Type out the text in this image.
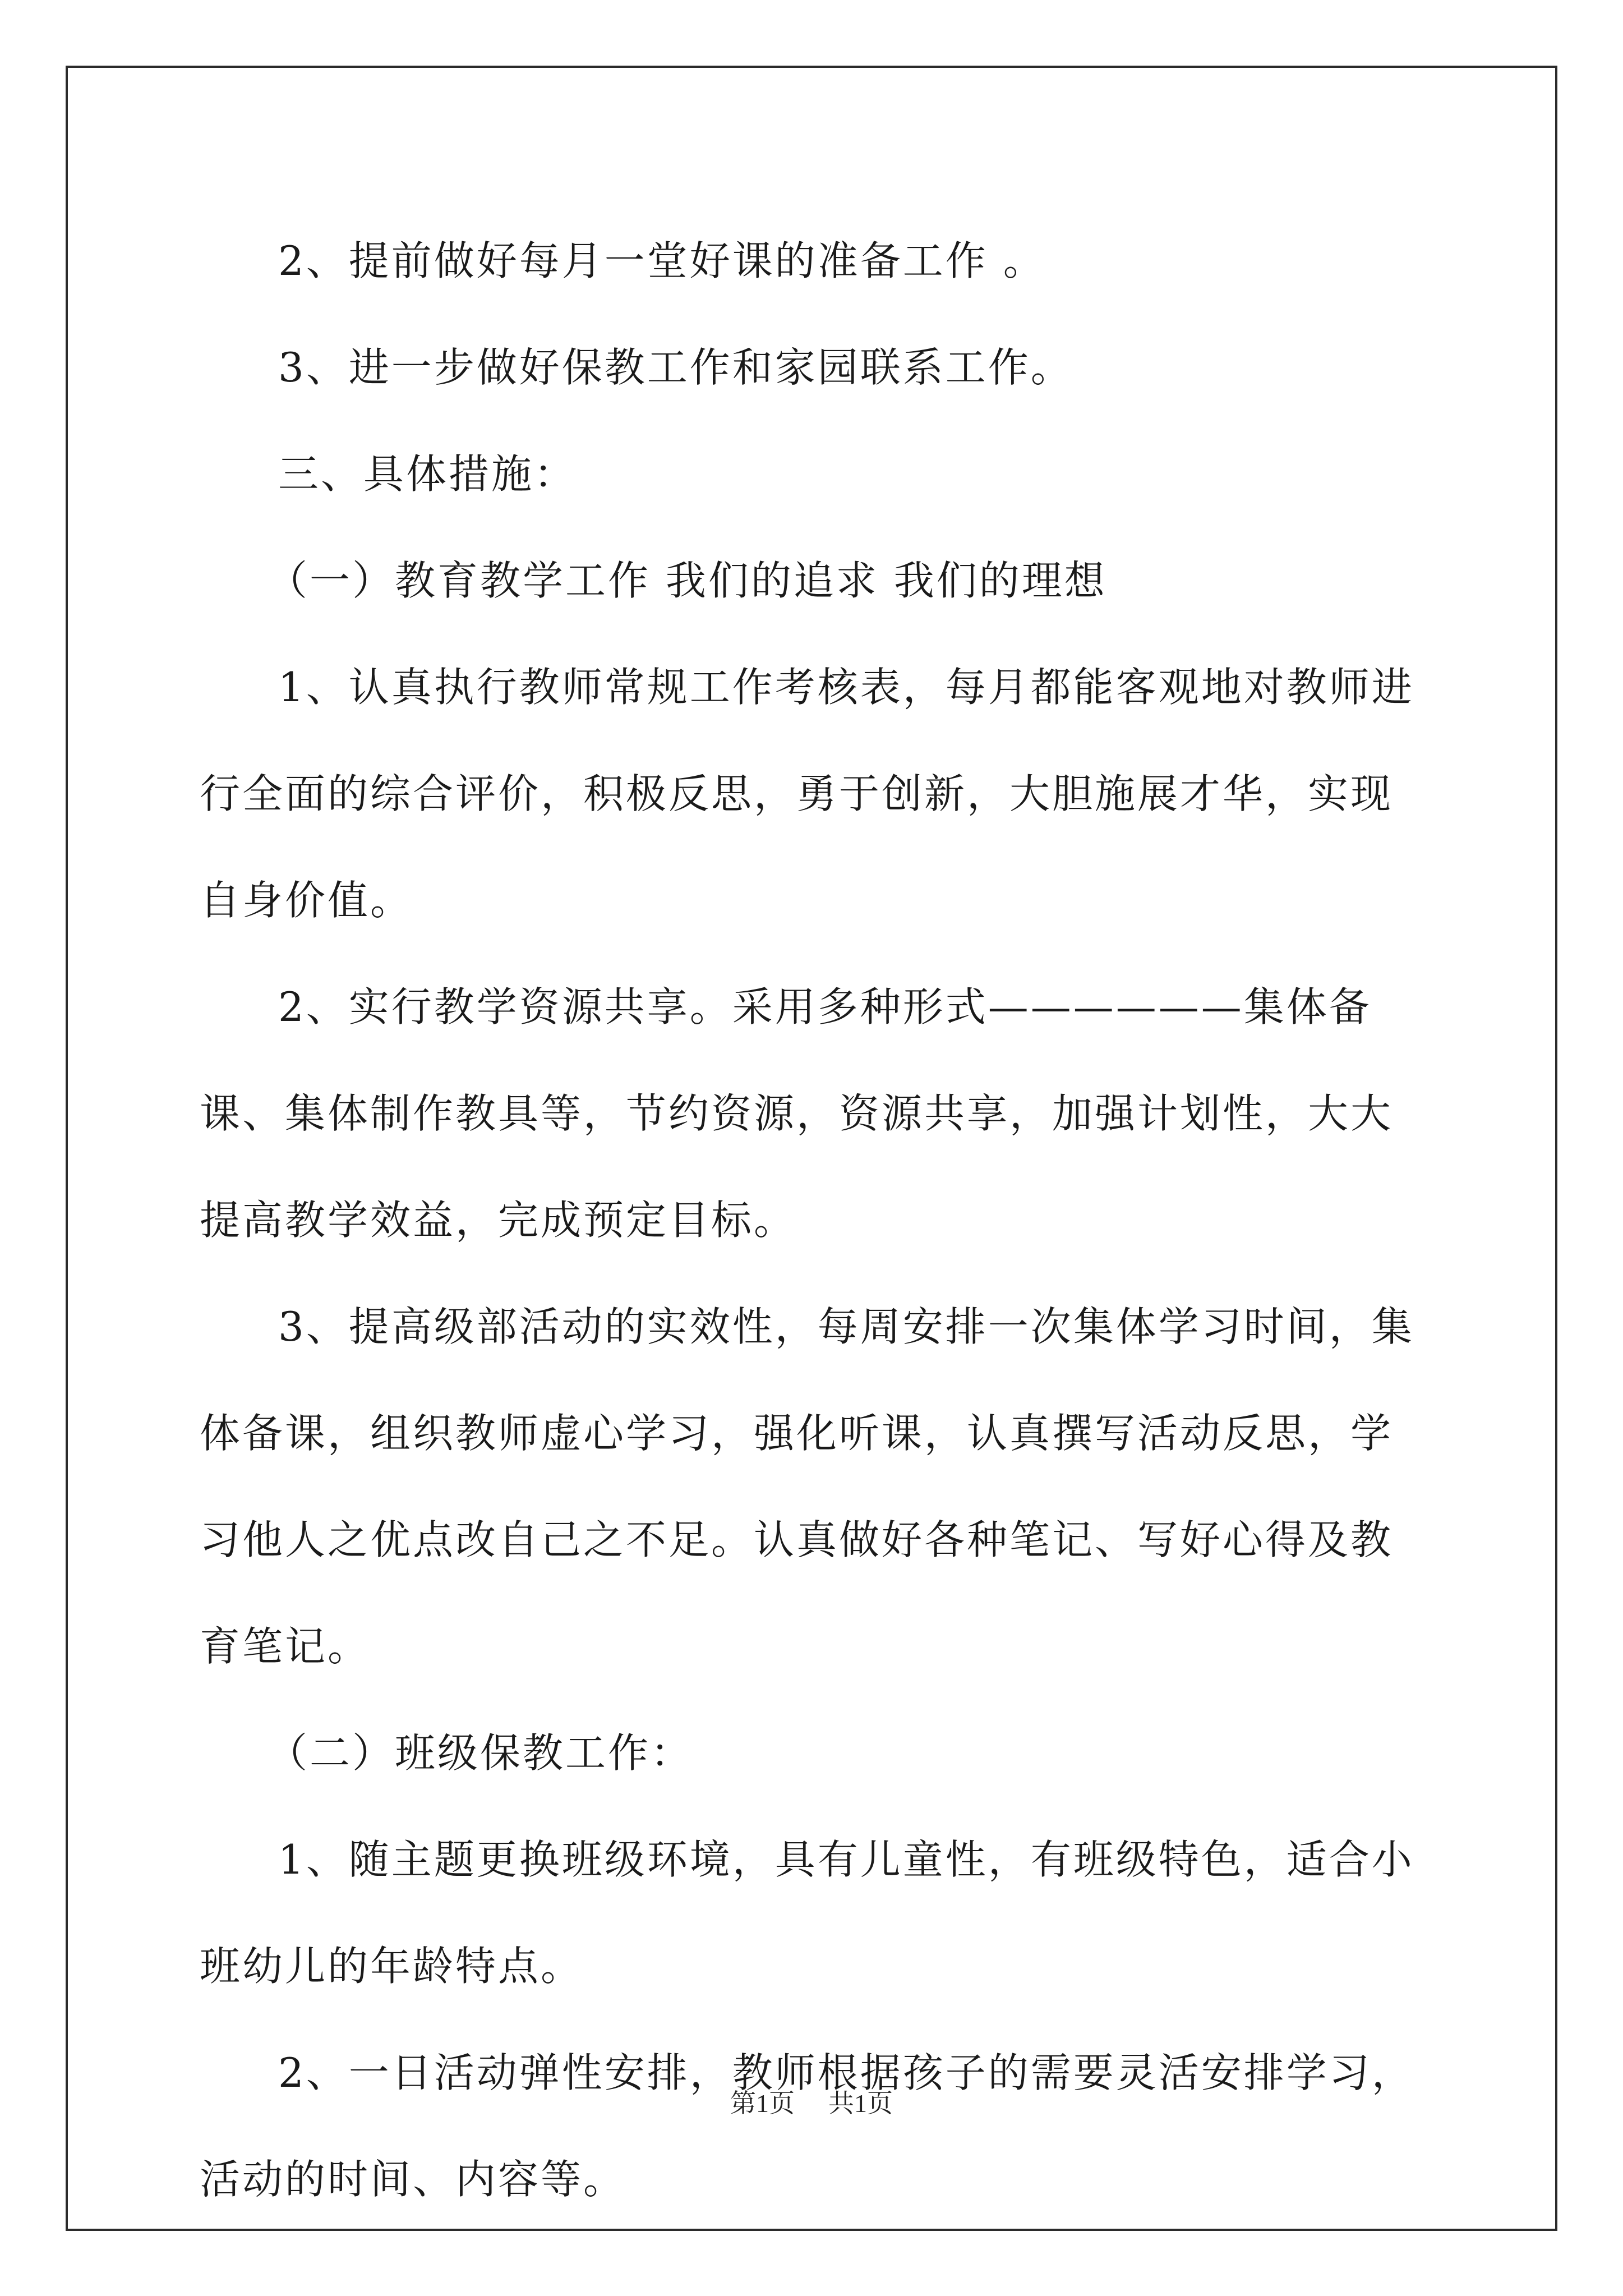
2、提前做好每月一堂好课的准备工作 。

3、进一步做好保教工作和家园联系工作。

三、具体措施：

（一）教育教学工作 我们的追求 我们的理想

1、认真执行教师常规工作考核表，每月都能客观地对教师进行全面的综合评价，积极反思，勇于创新，大胆施展才华，实现自身价值。

2、实行教学资源共享。采用多种形式——————集体备课、集体制作教具等，节约资源，资源共享，加强计划性，大大提高教学效益，完成预定目标。

3、提高级部活动的实效性，每周安排一次集体学习时间，集体备课，组织教师虚心学习，强化听课，认真撰写活动反思，学习他人之优点改自己之不足。认真做好各种笔记、写好心得及教育笔记。

（二）班级保教工作：

1、随主题更换班级环境，具有儿童性，有班级特色，适合小班幼儿的年龄特点。

2、一日活动弹性安排，教师根据孩子的需要灵活安排学习，活动的时间、内容等。

第1页 共1页
